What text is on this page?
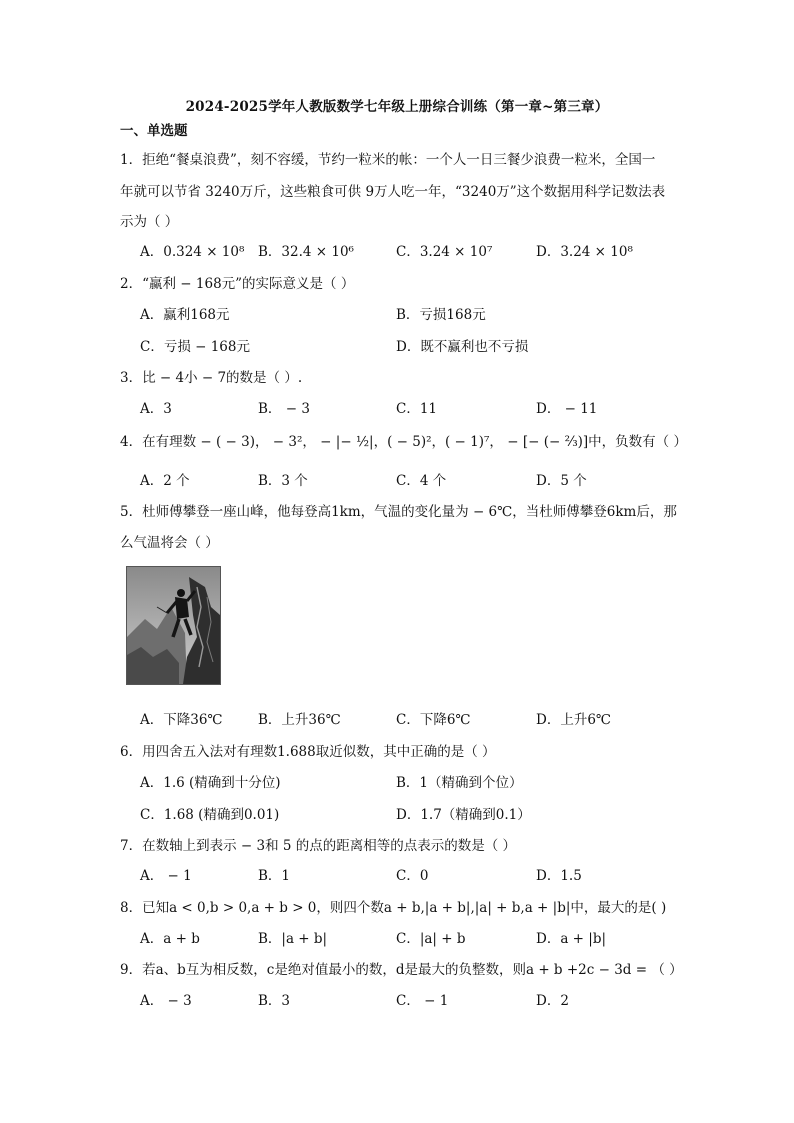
2024-2025学年人教版数学七年级上册综合训练（第一章~第三章）
一、单选题
1．拒绝“餐桌浪费”，刻不容缓，节约一粒米的帐：一个人一日三餐少浪费一粒米，全国一
年就可以节省 3240万斤，这些粮食可供 9万人吃一年，“3240万”这个数据用科学记数法表
示为（ ）
A．0.324 × 10⁸ B．32.4 × 10⁶	C．3.24 × 10⁷	D．3.24 × 10⁸
2．“赢利 − 168元”的实际意义是（ ）
A．赢利168元	B．亏损168元
C．亏损 − 168元	D．既不赢利也不亏损
3．比 − 4小 − 7的数是（ ）.
A．3	B． − 3	C．11	D． − 11
4．在有理数 − ( − 3)， − 3²， − |− ½|，( − 5)²，( − 1)⁷， − [− (− ⅔)]中，负数有（ ）
A．2 个	B．3 个	C．4 个	D．5 个
5．杜师傅攀登一座山峰，他每登高1km，气温的变化量为 − 6℃，当杜师傅攀登6km后，那
么气温将会（ ）
A．下降36℃	B．上升36℃	C．下降6℃	D．上升6℃
6．用四舍五入法对有理数1.688取近似数，其中正确的是（ ）
A．1.6 (精确到十分位)	B．1（精确到个位）
C．1.68 (精确到0.01)	D．1.7（精确到0.1）
7．在数轴上到表示 − 3和 5 的点的距离相等的点表示的数是（ ）
A． − 1	B．1	C．0	D．1.5
8．已知a < 0,b > 0,a + b > 0，则四个数a + b,|a + b|,|a| + b,a + |b|中，最大的是( )
A．a + b	B．|a + b|	C．|a| + b	D．a + |b|
9．若a、b互为相反数，c是绝对值最小的数，d是最大的负整数，则a + b +2c − 3d = （ ）
A． − 3	B．3	C． − 1	D．2
